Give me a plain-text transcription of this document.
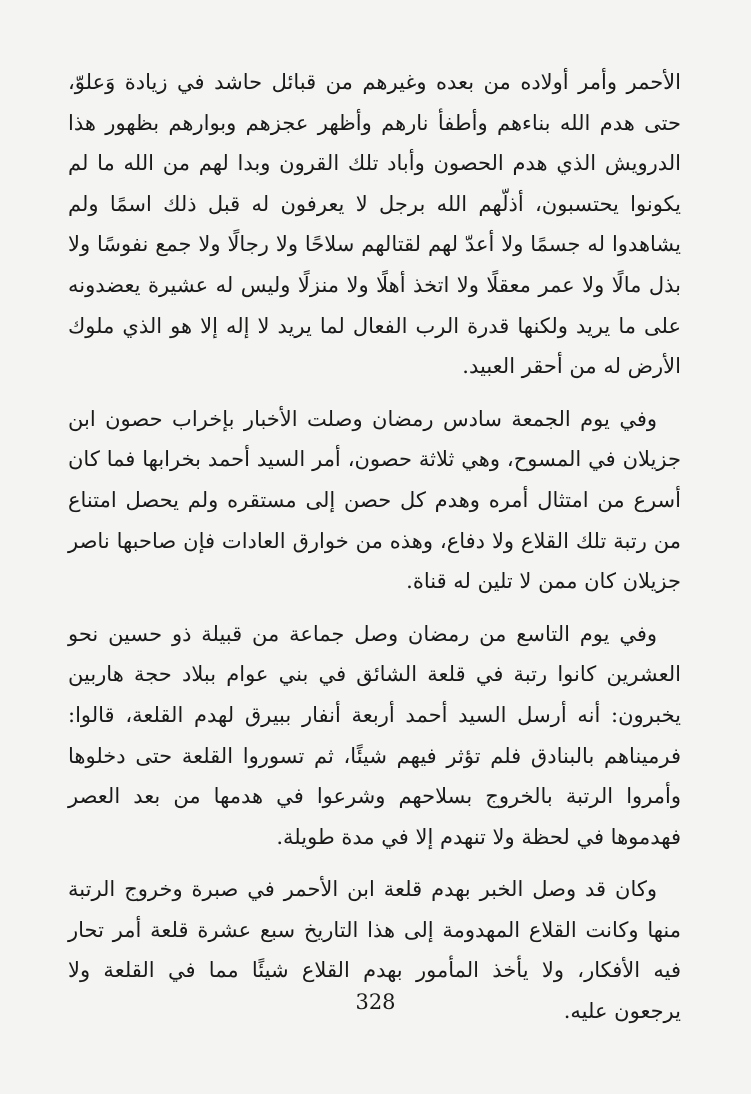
الأحمر وأمر أولاده من بعده وغيرهم من قبائل حاشد في زيادة وَعلوّ، حتى هدم الله بناءهم وأطفأ نارهم وأظهر عجزهم وبوارهم بظهور هذا الدرويش الذي هدم الحصون وأباد تلك القرون وبدا لهم من الله ما لم يكونوا يحتسبون، أذلّهم الله برجل لا يعرفون له قبل ذلك اسمًا ولم يشاهدوا له جسمًا ولا أعدّ لهم لقتالهم سلاحًا ولا رجالًا ولا جمع نفوسًا ولا بذل مالًا ولا عمر معقلًا ولا اتخذ أهلًا ولا منزلًا وليس له عشيرة يعضدونه على ما يريد ولكنها قدرة الرب الفعال لما يريد لا إله إلا هو الذي ملوك الأرض له من أحقر العبيد.

وفي يوم الجمعة سادس رمضان وصلت الأخبار بإخراب حصون ابن جزيلان في المسوح، وهي ثلاثة حصون، أمر السيد أحمد بخرابها فما كان أسرع من امتثال أمره وهدم كل حصن إلى مستقره ولم يحصل امتناع من رتبة تلك القلاع ولا دفاع، وهذه من خوارق العادات فإن صاحبها ناصر جزيلان كان ممن لا تلين له قناة.

وفي يوم التاسع من رمضان وصل جماعة من قبيلة ذو حسين نحو العشرين كانوا رتبة في قلعة الشائق في بني عوام ببلاد حجة هاربين يخبرون: أنه أرسل السيد أحمد أربعة أنفار ببيرق لهدم القلعة، قالوا: فرميناهم بالبنادق فلم تؤثر فيهم شيئًا، ثم تسوروا القلعة حتى دخلوها وأمروا الرتبة بالخروج بسلاحهم وشرعوا في هدمها من بعد العصر فهدموها في لحظة ولا تنهدم إلا في مدة طويلة.

وكان قد وصل الخبر بهدم قلعة ابن الأحمر في صبرة وخروج الرتبة منها وكانت القلاع المهدومة إلى هذا التاريخ سبع عشرة قلعة أمر تحار فيه الأفكار، ولا يأخذ المأمور بهدم القلاع شيئًا مما في القلعة ولا يرجعون عليه.

328
